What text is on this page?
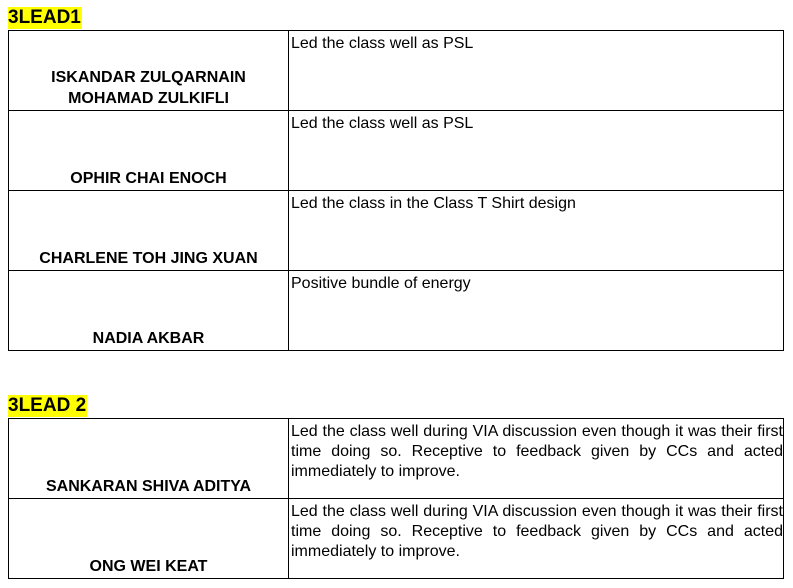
3LEAD1
ISKANDAR ZULQARNAIN
MOHAMAD ZULKIFLI	Led the class well as PSL

OPHIR CHAI ENOCH	Led the class well as PSL

CHARLENE TOH JING XUAN	Led the class in the Class T Shirt design

NADIA AKBAR	Positive bundle of energy
3LEAD 2
SANKARAN SHIVA ADITYA	Led the class well during VIA discussion even though it was their first time doing so. Receptive to feedback given by CCs and acted immediately to improve.

ONG WEI KEAT	Led the class well during VIA discussion even though it was their first time doing so. Receptive to feedback given by CCs and acted immediately to improve.
